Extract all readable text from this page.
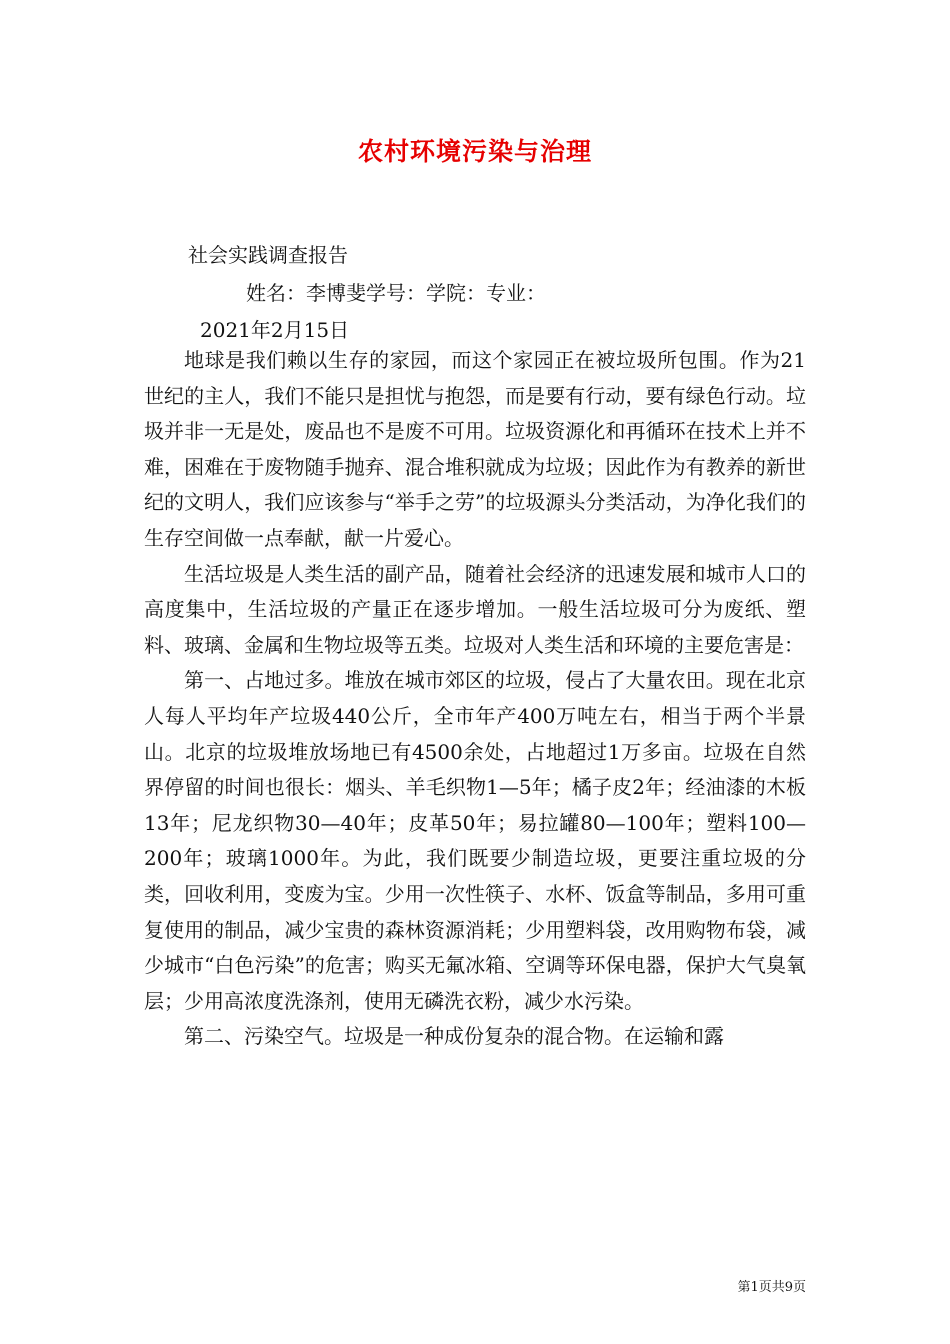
农村环境污染与治理
社会实践调查报告
姓名：李博斐学号：学院：专业：
2021年2月15日

地球是我们赖以生存的家园，而这个家园正在被垃圾所包围。作为21世纪的主人，我们不能只是担忧与抱怨，而是要有行动，要有绿色行动。垃圾并非一无是处，废品也不是废不可用。垃圾资源化和再循环在技术上并不难，困难在于废物随手抛弃、混合堆积就成为垃圾；因此作为有教养的新世纪的文明人，我们应该参与“举手之劳”的垃圾源头分类活动，为净化我们的生存空间做一点奉献，献一片爱心。

生活垃圾是人类生活的副产品，随着社会经济的迅速发展和城市人口的高度集中，生活垃圾的产量正在逐步增加。一般生活垃圾可分为废纸、塑料、玻璃、金属和生物垃圾等五类。垃圾对人类生活和环境的主要危害是：

第一、占地过多。堆放在城市郊区的垃圾，侵占了大量农田。现在北京人每人平均年产垃圾440公斤，全市年产400万吨左右，相当于两个半景山。北京的垃圾堆放场地已有4500余处，占地超过1万多亩。垃圾在自然界停留的时间也很长：烟头、羊毛织物1—5年；橘子皮2年；经油漆的木板13年；尼龙织物30—40年；皮革50年；易拉罐80—100年；塑料100—200年；玻璃1000年。为此，我们既要少制造垃圾，更要注重垃圾的分类，回收利用，变废为宝。少用一次性筷子、水杯、饭盒等制品，多用可重复使用的制品，减少宝贵的森林资源消耗；少用塑料袋，改用购物布袋，减少城市“白色污染”的危害；购买无氟冰箱、空调等环保电器，保护大气臭氧层；少用高浓度洗涤剂，使用无磷洗衣粉，减少水污染。

第二、污染空气。垃圾是一种成份复杂的混合物。在运输和露

第1页共9页
